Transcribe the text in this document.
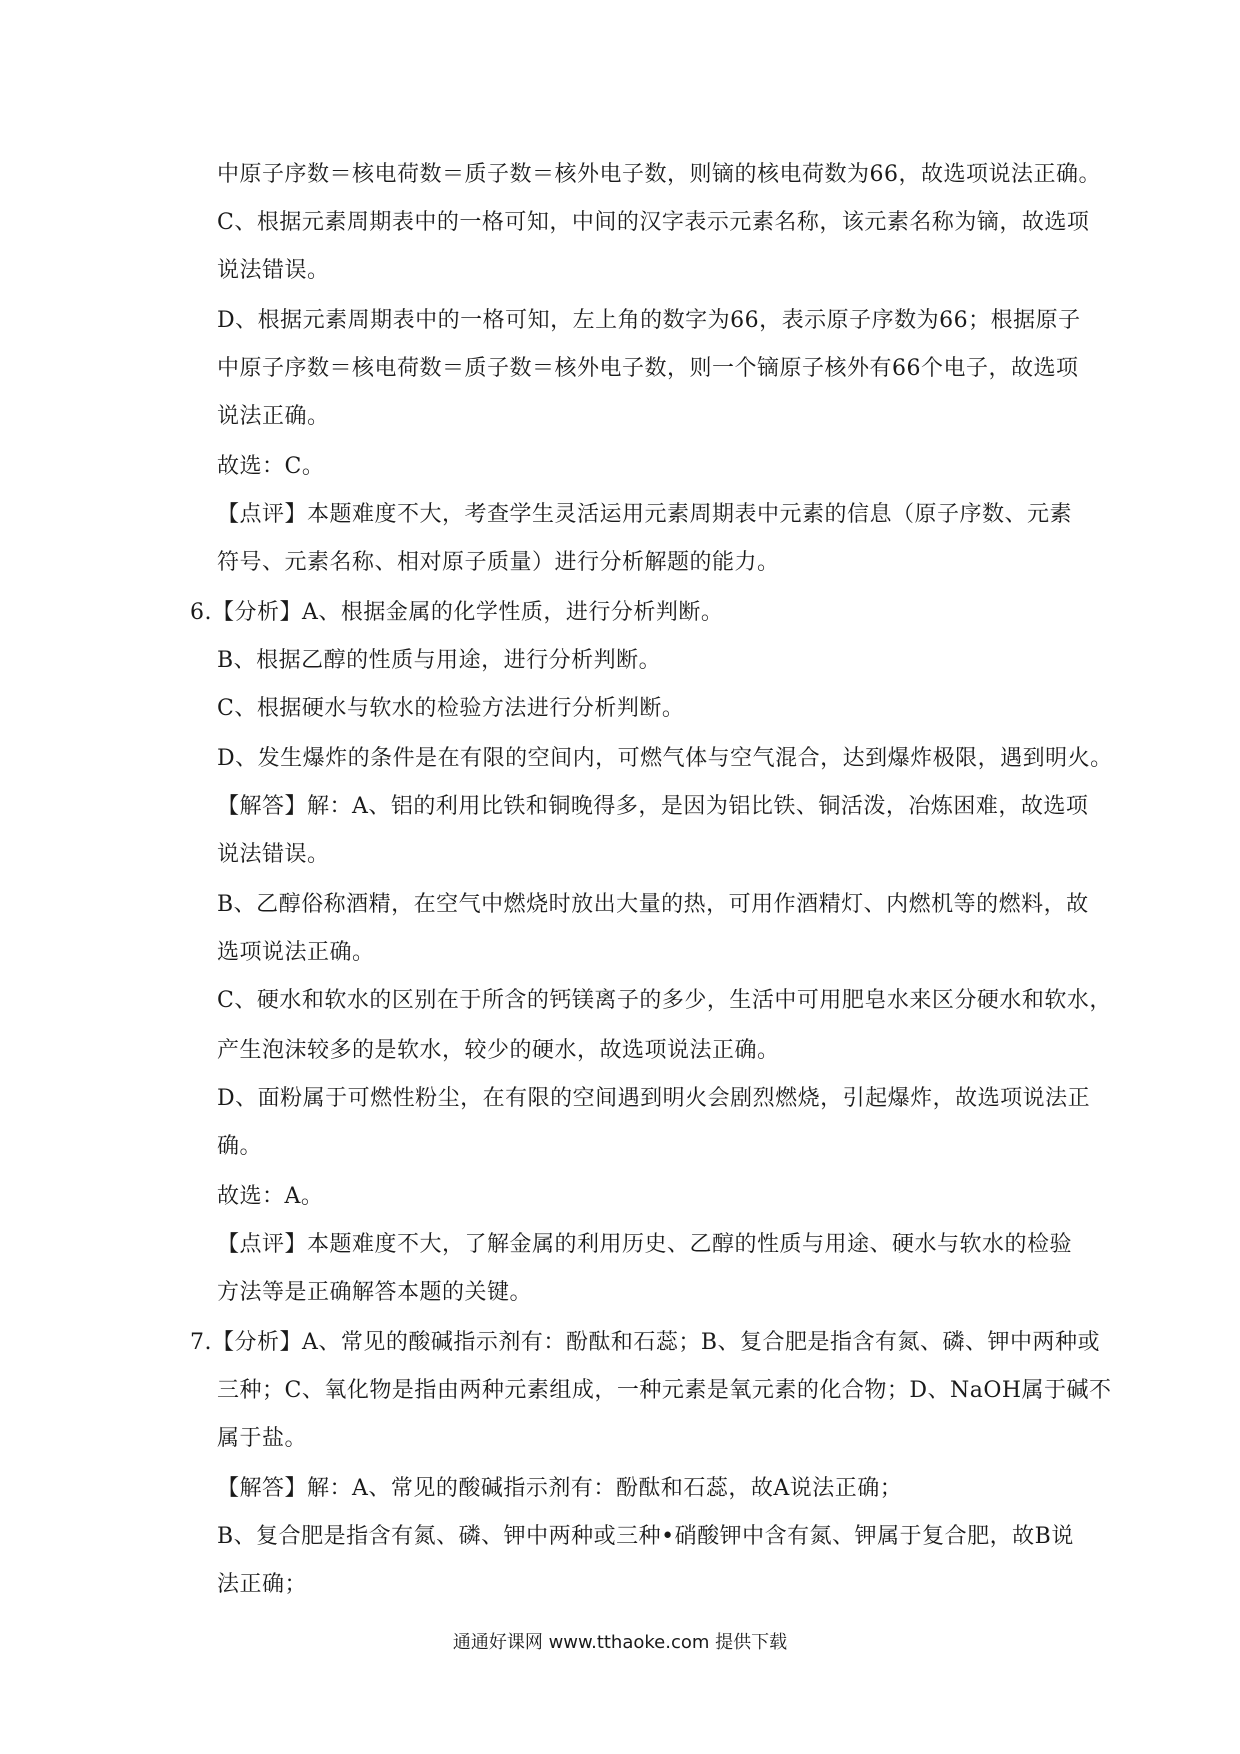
中原子序数＝核电荷数＝质子数＝核外电子数，则镝的核电荷数为66，故选项说法正确。
C、根据元素周期表中的一格可知，中间的汉字表示元素名称，该元素名称为镝，故选项
说法错误。
D、根据元素周期表中的一格可知，左上角的数字为66，表示原子序数为66；根据原子
中原子序数＝核电荷数＝质子数＝核外电子数，则一个镝原子核外有66个电子，故选项
说法正确。
故选：C。
【点评】本题难度不大，考查学生灵活运用元素周期表中元素的信息（原子序数、元素
符号、元素名称、相对原子质量）进行分析解题的能力。
6.【分析】A、根据金属的化学性质，进行分析判断。
B、根据乙醇的性质与用途，进行分析判断。
C、根据硬水与软水的检验方法进行分析判断。
D、发生爆炸的条件是在有限的空间内，可燃气体与空气混合，达到爆炸极限，遇到明火。
【解答】解：A、铝的利用比铁和铜晚得多，是因为铝比铁、铜活泼，冶炼困难，故选项
说法错误。
B、乙醇俗称酒精，在空气中燃烧时放出大量的热，可用作酒精灯、内燃机等的燃料，故
选项说法正确。
C、硬水和软水的区别在于所含的钙镁离子的多少，生活中可用肥皂水来区分硬水和软水，
产生泡沫较多的是软水，较少的硬水，故选项说法正确。
D、面粉属于可燃性粉尘，在有限的空间遇到明火会剧烈燃烧，引起爆炸，故选项说法正
确。
故选：A。
【点评】本题难度不大，了解金属的利用历史、乙醇的性质与用途、硬水与软水的检验
方法等是正确解答本题的关键。
7.【分析】A、常见的酸碱指示剂有：酚酞和石蕊；B、复合肥是指含有氮、磷、钾中两种或
三种；C、氧化物是指由两种元素组成，一种元素是氧元素的化合物；D、NaOH属于碱不
属于盐。
【解答】解：A、常见的酸碱指示剂有：酚酞和石蕊，故A说法正确；
B、复合肥是指含有氮、磷、钾中两种或三种•硝酸钾中含有氮、钾属于复合肥，故B说
法正确；
通通好课网 www.tthaoke.com 提供下载
